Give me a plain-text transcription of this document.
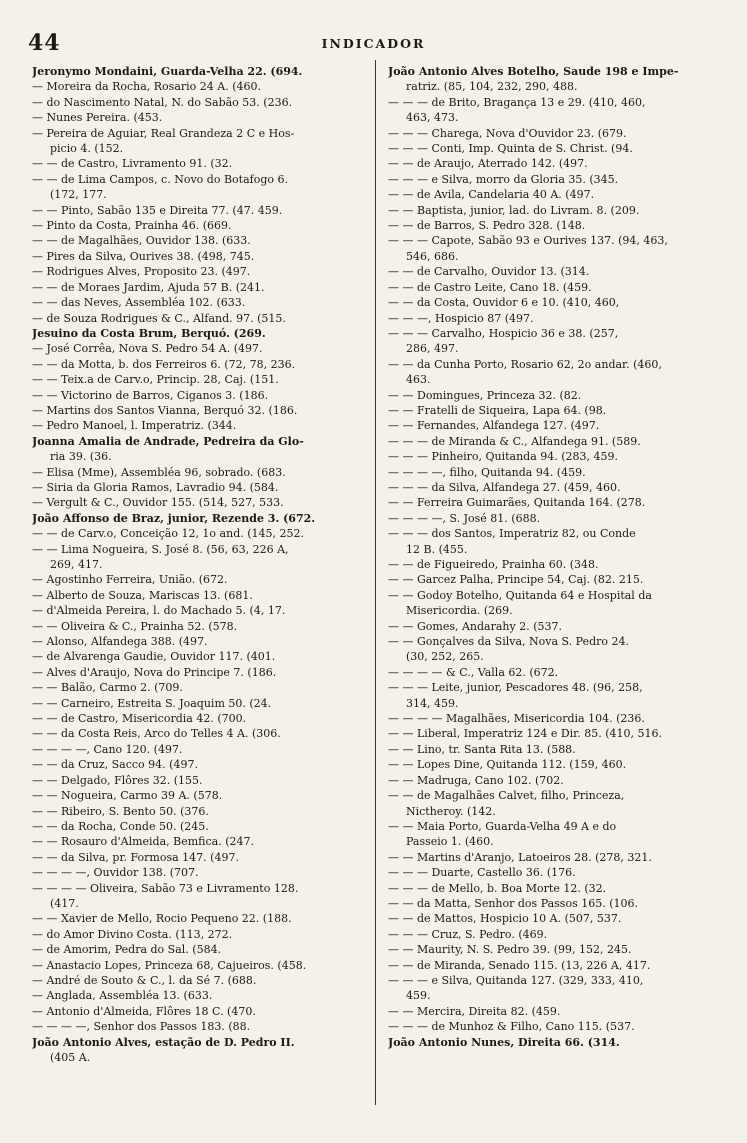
44	INDICADOR
Jeronymo Mondaini, Guarda-Velha 22. (694.
— Moreira da Rocha, Rosario 24 A. (460.
— do Nascimento Natal, N. do Sabão 53. (236.
— Nunes Pereira. (453.
— Pereira de Aguiar, Real Grandeza 2 C e Hos-
picio 4. (152.
— — de Castro, Livramento 91. (32.
— — de Lima Campos, c. Novo do Botafogo 6.
(172, 177.
— — Pinto, Sabão 135 e Direita 77. (47. 459.
— Pinto da Costa, Prainha 46. (669.
— — de Magalhães, Ouvidor 138. (633.
— Pires da Silva, Ourives 38. (498, 745.
— Rodrigues Alves, Proposito 23. (497.
— — de Moraes Jardim, Ajuda 57 B. (241.
— — das Neves, Assembléa 102. (633.
— de Souza Rodrigues & C., Alfand. 97. (515.
Jesuino da Costa Brum, Berquó. (269.
— José Corrêa, Nova S. Pedro 54 A. (497.
— — da Motta, b. dos Ferreiros 6. (72, 78, 236.
— — Teix.a de Carv.o, Princip. 28, Caj. (151.
— — Victorino de Barros, Ciganos 3. (186.
— Martins dos Santos Vianna, Berquó 32. (186.
— Pedro Manoel, l. Imperatriz. (344.
Joanna Amalia de Andrade, Pedreira da Glo-
ria 39. (36.
— Elisa (Mme), Assembléa 96, sobrado. (683.
— Siria da Gloria Ramos, Lavradio 94. (584.
— Vergult & C., Ouvidor 155. (514, 527, 533.
João Affonso de Braz, junior, Rezende 3. (672.
— — de Carv.o, Conceição 12, 1o and. (145, 252.
— — Lima Nogueira, S. José 8. (56, 63, 226 A,
269, 417.
— Agostinho Ferreira, União. (672.
— Alberto de Souza, Mariscas 13. (681.
— d'Almeida Pereira, l. do Machado 5. (4, 17.
— — Oliveira & C., Prainha 52. (578.
— Alonso, Alfandega 388. (497.
— de Alvarenga Gaudie, Ouvidor 117. (401.
— Alves d'Araujo, Nova do Principe 7. (186.
— — Balão, Carmo 2. (709.
— — Carneiro, Estreita S. Joaquim 50. (24.
— — de Castro, Misericordia 42. (700.
— — da Costa Reis, Arco do Telles 4 A. (306.
— — — —, Cano 120. (497.
— — da Cruz, Sacco 94. (497.
— — Delgado, Flôres 32. (155.
— — Nogueira, Carmo 39 A. (578.
— — Ribeiro, S. Bento 50. (376.
— — da Rocha, Conde 50. (245.
— — Rosauro d'Almeida, Bemfica. (247.
— — da Silva, pr. Formosa 147. (497.
— — — —, Ouvidor 138. (707.
— — — — Oliveira, Sabão 73 e Livramento 128.
(417.
— — Xavier de Mello, Rocio Pequeno 22. (188.
— do Amor Divino Costa. (113, 272.
— de Amorim, Pedra do Sal. (584.
— Anastacio Lopes, Princeza 68, Cajueiros. (458.
— André de Souto & C., l. da Sé 7. (688.
— Anglada, Assembléa 13. (633.
— Antonio d'Almeida, Flôres 18 C. (470.
— — — —, Senhor dos Passos 183. (88.
João Antonio Alves, estação de D. Pedro II.
(405 A.
João Antonio Alves Botelho, Saude 198 e Impe-
ratriz. (85, 104, 232, 290, 488.
— — — de Brito, Bragança 13 e 29. (410, 460,
463, 473.
— — — Charega, Nova d'Ouvidor 23. (679.
— — — Conti, Imp. Quinta de S. Christ. (94.
— — de Araujo, Aterrado 142. (497.
— — — e Silva, morro da Gloria 35. (345.
— — de Avila, Candelaria 40 A. (497.
— — Baptista, junior, lad. do Livram. 8. (209.
— — de Barros, S. Pedro 328. (148.
— — — Capote, Sabão 93 e Ourives 137. (94, 463,
546, 686.
— — de Carvalho, Ouvidor 13. (314.
— — de Castro Leite, Cano 18. (459.
— — da Costa, Ouvidor 6 e 10. (410, 460,
— — —, Hospicio 87 (497.
— — — Carvalho, Hospicio 36 e 38. (257,
286, 497.
— — da Cunha Porto, Rosario 62, 2o andar. (460,
463.
— — Domingues, Princeza 32. (82.
— — Fratelli de Siqueira, Lapa 64. (98.
— — Fernandes, Alfandega 127. (497.
— — — de Miranda & C., Alfandega 91. (589.
— — — Pinheiro, Quitanda 94. (283, 459.
— — — —, filho, Quitanda 94. (459.
— — — da Silva, Alfandega 27. (459, 460.
— — Ferreira Guimarães, Quitanda 164. (278.
— — — —, S. José 81. (688.
— — — dos Santos, Imperatriz 82, ou Conde
12 B. (455.
— — de Figueiredo, Prainha 60. (348.
— — Garcez Palha, Principe 54, Caj. (82. 215.
— — Godoy Botelho, Quitanda 64 e Hospital da
Misericordia. (269.
— — Gomes, Andarahy 2. (537.
— — Gonçalves da Silva, Nova S. Pedro 24.
(30, 252, 265.
— — — — & C., Valla 62. (672.
— — — Leite, junior, Pescadores 48. (96, 258,
314, 459.
— — — — Magalhães, Misericordia 104. (236.
— — Liberal, Imperatriz 124 e Dir. 85. (410, 516.
— — Lino, tr. Santa Rita 13. (588.
— — Lopes Dine, Quitanda 112. (159, 460.
— — Madruga, Cano 102. (702.
— — de Magalhães Calvet, filho, Princeza,
Nictheroy. (142.
— — Maia Porto, Guarda-Velha 49 A e do
Passeio 1. (460.
— — Martins d'Aranjo, Latoeiros 28. (278, 321.
— — — Duarte, Castello 36. (176.
— — — de Mello, b. Boa Morte 12. (32.
— — da Matta, Senhor dos Passos 165. (106.
— — de Mattos, Hospicio 10 A. (507, 537.
— — — Cruz, S. Pedro. (469.
— — Maurity, N. S. Pedro 39. (99, 152, 245.
— — de Miranda, Senado 115. (13, 226 A, 417.
— — — e Silva, Quitanda 127. (329, 333, 410,
459.
— — Mercira, Direita 82. (459.
— — — de Munhoz & Filho, Cano 115. (537.
João Antonio Nunes, Direita 66. (314.
